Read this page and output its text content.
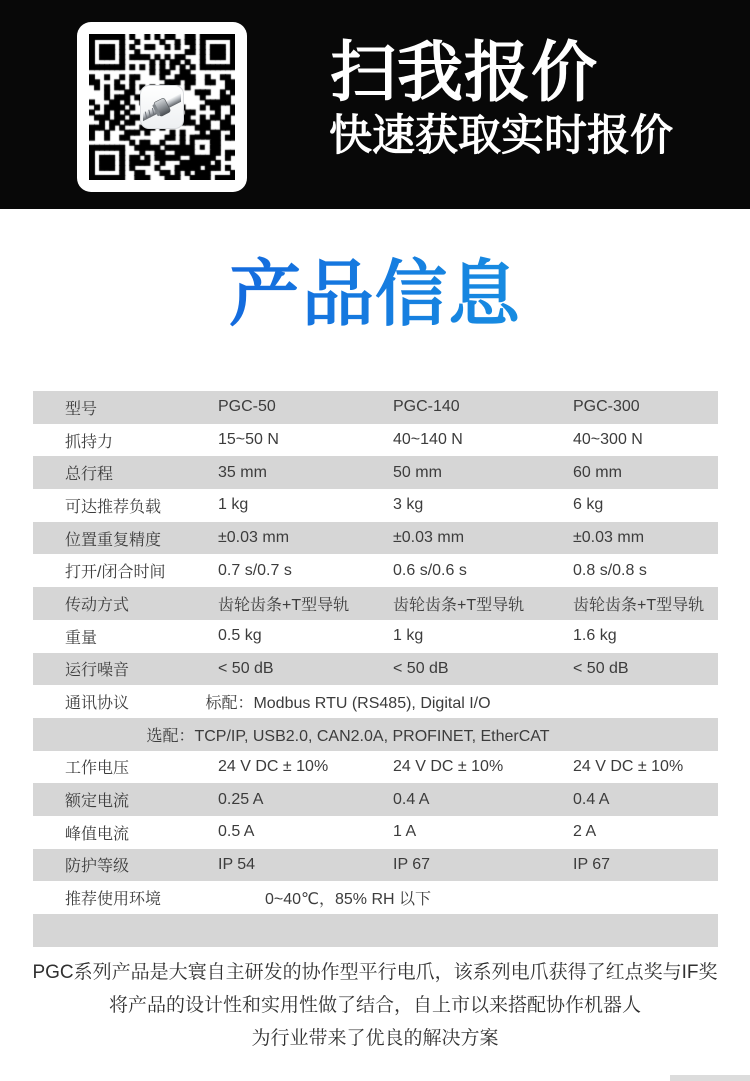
扫我报价
快速获取实时报价
产品信息
型号	PGC-50	PGC-140	PGC-300
抓持力	15~50 N	40~140 N	40~300 N
总行程	35 mm	50 mm	60 mm
可达推荐负载	1 kg	3 kg	6 kg
位置重复精度	±0.03 mm	±0.03 mm	±0.03 mm
打开/闭合时间	0.7 s/0.7 s	0.6 s/0.6 s	0.8 s/0.8 s
传动方式	齿轮齿条+T型导轨	齿轮齿条+T型导轨	齿轮齿条+T型导轨
重量	0.5 kg	1 kg	1.6 kg
运行噪音	< 50 dB	< 50 dB	< 50 dB
通讯协议	标配：Modbus RTU (RS485), Digital I/O
选配：TCP/IP, USB2.0, CAN2.0A, PROFINET, EtherCAT
工作电压	24 V DC ± 10%	24 V DC ± 10%	24 V DC ± 10%
额定电流	0.25 A	0.4 A	0.4 A
峰值电流	0.5 A	1 A	2 A
防护等级	IP 54	IP 67	IP 67
推荐使用环境	0~40℃，85% RH 以下
PGC系列产品是大寰自主研发的协作型平行电爪，该系列电爪获得了红点奖与IF奖
将产品的设计性和实用性做了结合，自上市以来搭配协作机器人
为行业带来了优良的解决方案
